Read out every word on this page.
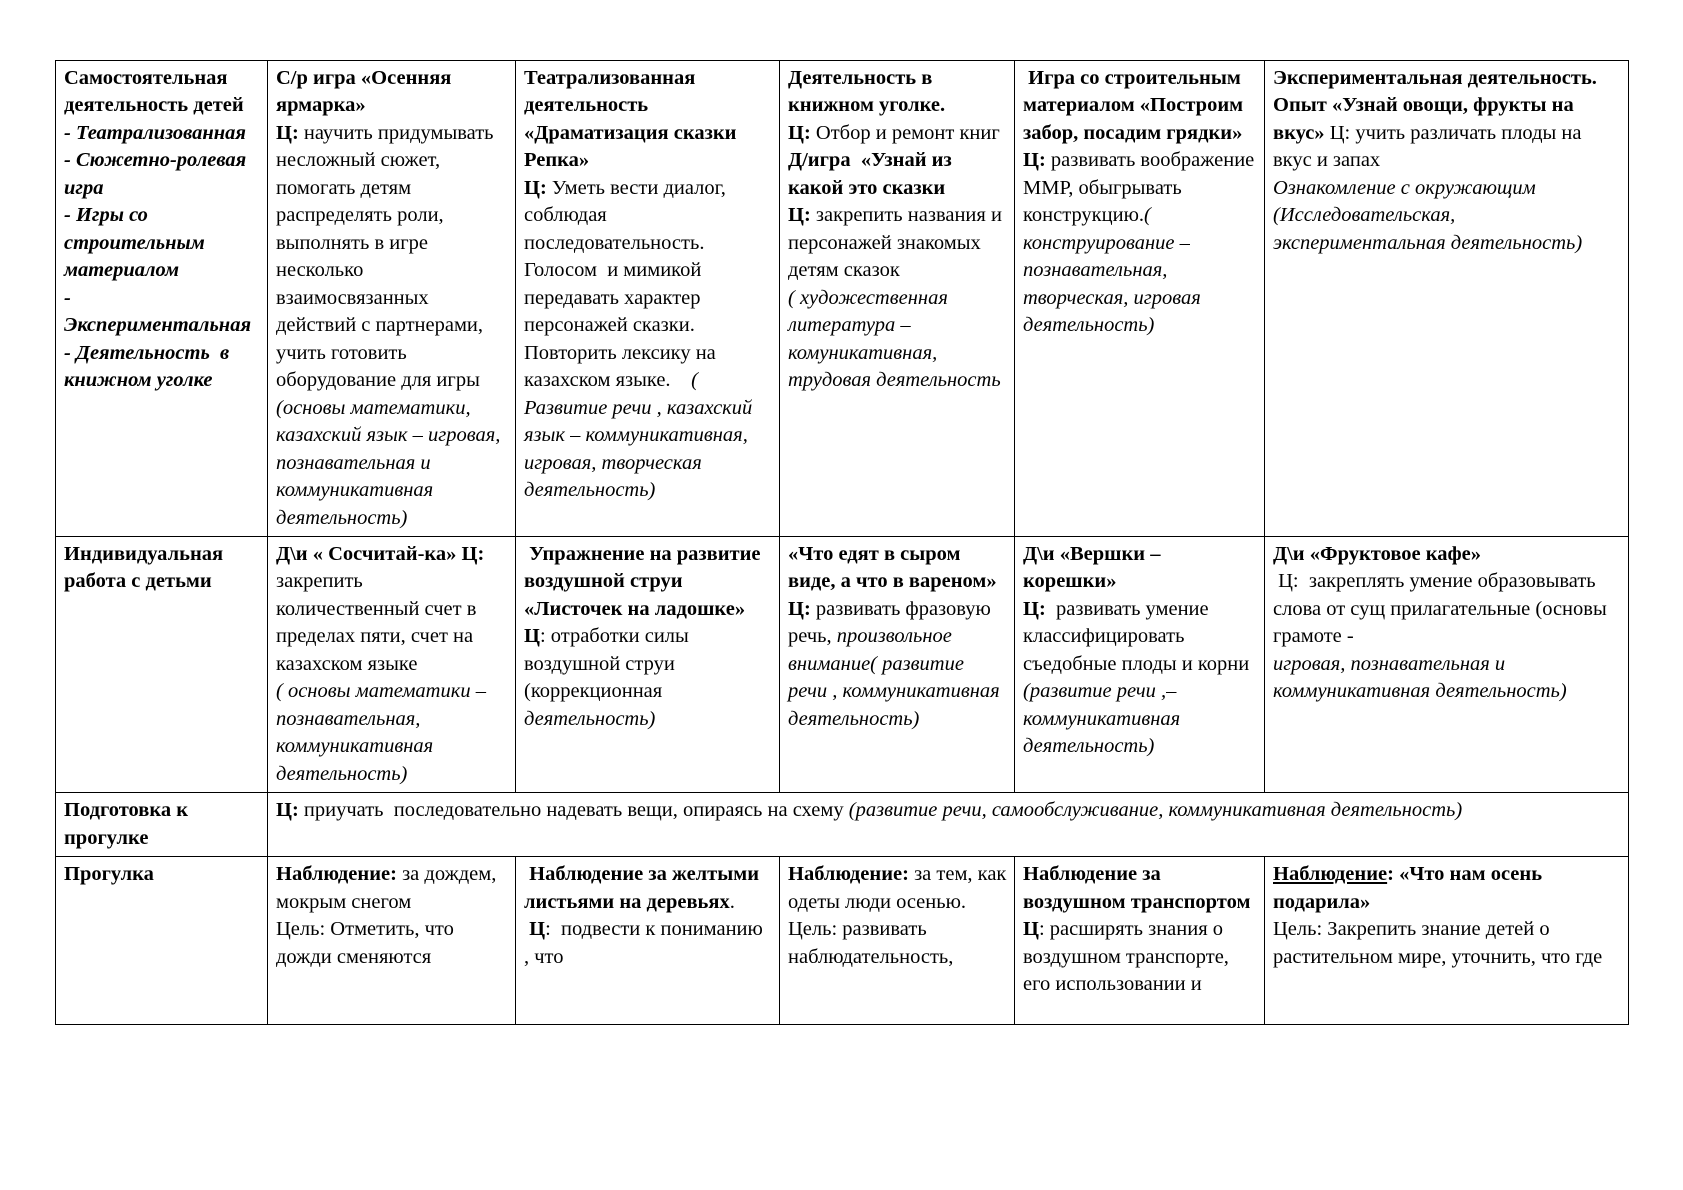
Самостоятельная деятельность детей
- Театрализованная
- Сюжетно-ролевая игра
- Игры со строительным материалом
- Экспериментальная
- Деятельность  в книжном уголке	С/р игра «Осенняя ярмарка»
Ц: научить придумывать несложный сюжет, помогать детям распределять роли, выполнять в игре несколько взаимосвязанных действий с партнерами, учить готовить оборудование для игры (основы математики, казахский язык – игровая, познавательная и коммуникативная деятельность)	Театрализованная деятельность «Драматизация сказки Репка»
Ц: Уметь вести диалог, соблюдая последовательность. Голосом  и мимикой передавать характер персонажей сказки. Повторить лексику на казахском языке.    ( Развитие речи , казахский язык – коммуникативная, игровая, творческая деятельность)	Деятельность в книжном уголке.
Ц: Отбор и ремонт книг
Д/игра  «Узнай из какой это сказки
Ц: закрепить названия и персонажей знакомых детям сказок
( художественная литература – комуникативная, трудовая деятельность	Игра со строительным материалом «Построим забор, посадим грядки»
Ц: развивать воображение ММР, обыгрывать конструкцию.( конструирование – познавательная, творческая, игровая деятельность)	Экспериментальная деятельность. Опыт «Узнай овощи, фрукты на вкус» Ц: учить различать плоды на вкус и запах
Ознакомление с окружающим
(Исследовательская, экспериментальная деятельность)
Индивидуальная работа с детьми	Д\и « Сосчитай-ка» Ц: закрепить количественный счет в пределах пяти, счет на казахском языке
( основы математики – познавательная, коммуникативная деятельность)	Упражнение на развитие воздушной струи «Листочек на ладошке»
Ц: отработки силы воздушной струи (коррекционная деятельность)	«Что едят в сыром виде, а что в вареном»
Ц: развивать фразовую речь, произвольное внимание( развитие речи , коммуникативная деятельность)	Д\и «Вершки – корешки»
Ц:  развивать умение классифицировать съедобные плоды и корни (развитие речи ,– коммуникативная деятельность)	Д\и «Фруктовое кафе»
Ц:  закреплять умение образовывать слова от сущ прилагательные (основы грамоте -
игровая, познавательная и коммуникативная деятельность)
Подготовка к прогулке	Ц: приучать  последовательно надевать вещи, опираясь на схему (развитие речи, самообслуживание, коммуникативная деятельность)				
Прогулка	Наблюдение: за дождем, мокрым снегом
Цель: Отметить, что дожди сменяются	Наблюдение за желтыми листьями на деревьях.
Ц:  подвести к пониманию , что	Наблюдение: за тем, как одеты люди осенью.
Цель: развивать наблюдательность,	Наблюдение за воздушном транспортом
Ц: расширять знания о воздушном транспорте, его использовании и	Наблюдение: «Что нам осень подарила»
Цель: Закрепить знание детей о растительном мире, уточнить, что где
